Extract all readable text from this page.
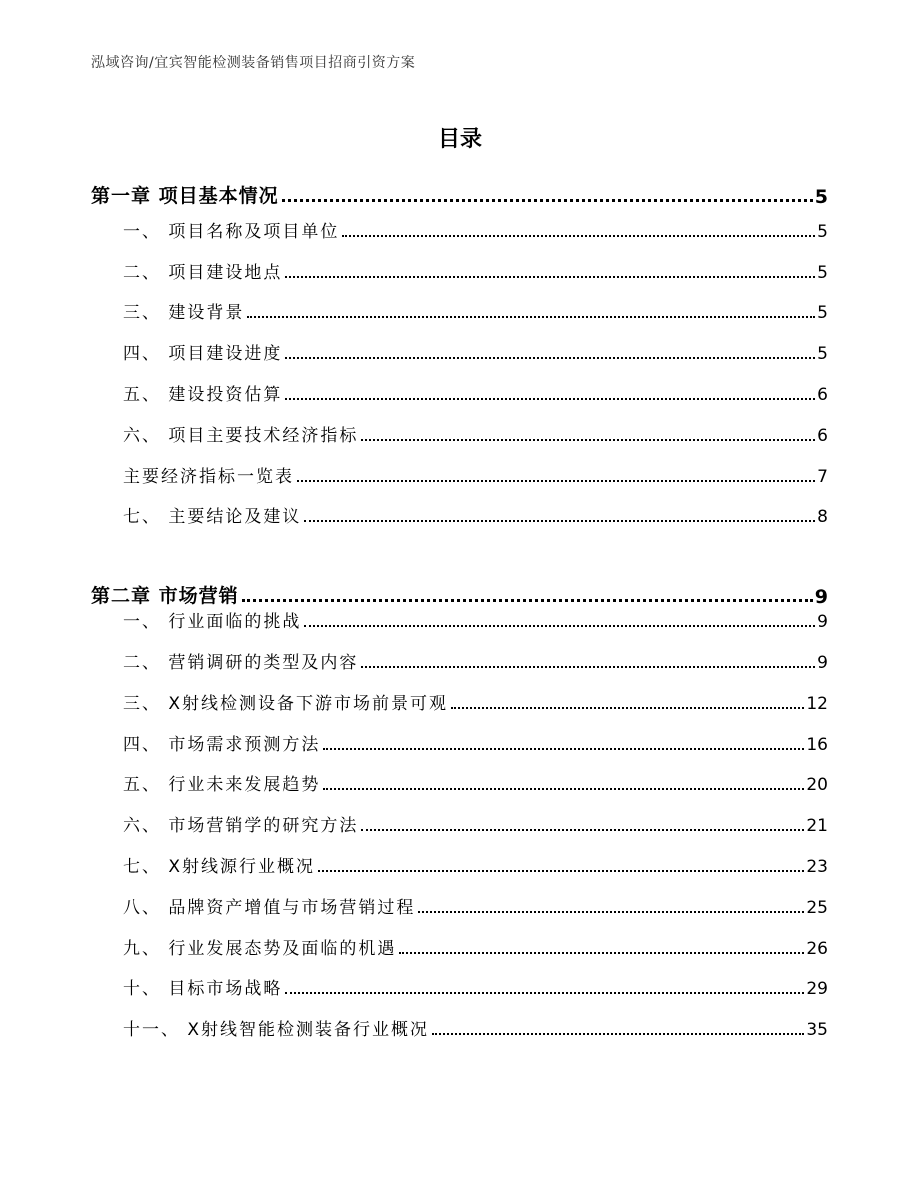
泓域咨询/宜宾智能检测装备销售项目招商引资方案
目录
第一章 项目基本情况	5
一、 项目名称及项目单位	5
二、 项目建设地点	5
三、 建设背景	5
四、 项目建设进度	5
五、 建设投资估算	6
六、 项目主要技术经济指标	6
主要经济指标一览表	7
七、 主要结论及建议	8
第二章 市场营销	9
一、 行业面临的挑战	9
二、 营销调研的类型及内容	9
三、 X射线检测设备下游市场前景可观	12
四、 市场需求预测方法	16
五、 行业未来发展趋势	20
六、 市场营销学的研究方法	21
七、 X射线源行业概况	23
八、 品牌资产增值与市场营销过程	25
九、 行业发展态势及面临的机遇	26
十、 目标市场战略	29
十一、 X射线智能检测装备行业概况	35
